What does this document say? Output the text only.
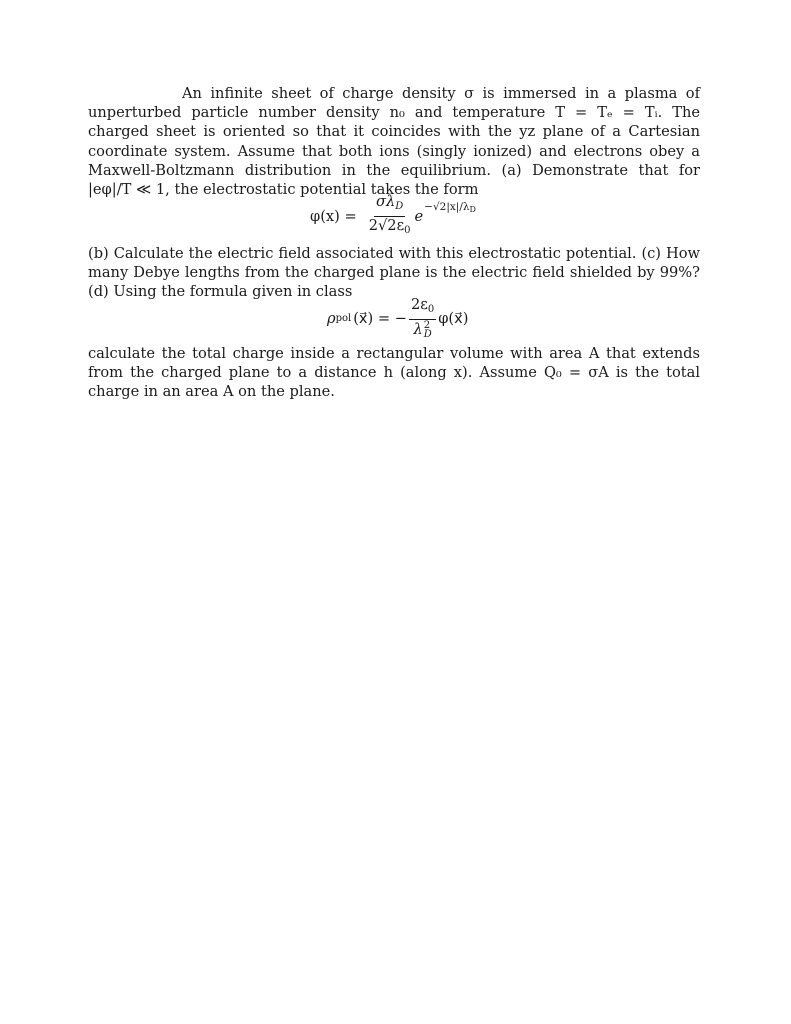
An infinite sheet of charge density σ is immersed in a plasma of unperturbed particle number density n₀ and temperature T = Tₑ = Tᵢ. The charged sheet is oriented so that it coincides with the yz plane of a Cartesian coordinate system. Assume that both ions (singly ionized) and electrons obey a Maxwell-Boltzmann distribution in the equilibrium. (a) Demonstrate that for |eφ|/T ≪ 1, the electrostatic potential takes the form

$\varphi(x) = \frac{\sigma\lambda_D}{2√2\varepsilon_0}$ e
−√2|x|/λD

(b) Calculate the electric field associated with this electrostatic potential. (c) How many Debye lengths from the charged plane is the electric field shielded by 99%? (d) Using the formula given in class

ρ pol (x⃗) = − $2\varepsilon_0$
λ 2
D φ(x⃗)

calculate the total charge inside a rectangular volume with area A that extends from the charged plane to a distance h (along x). Assume Q₀ = σA is the total charge in an area A on the plane.
